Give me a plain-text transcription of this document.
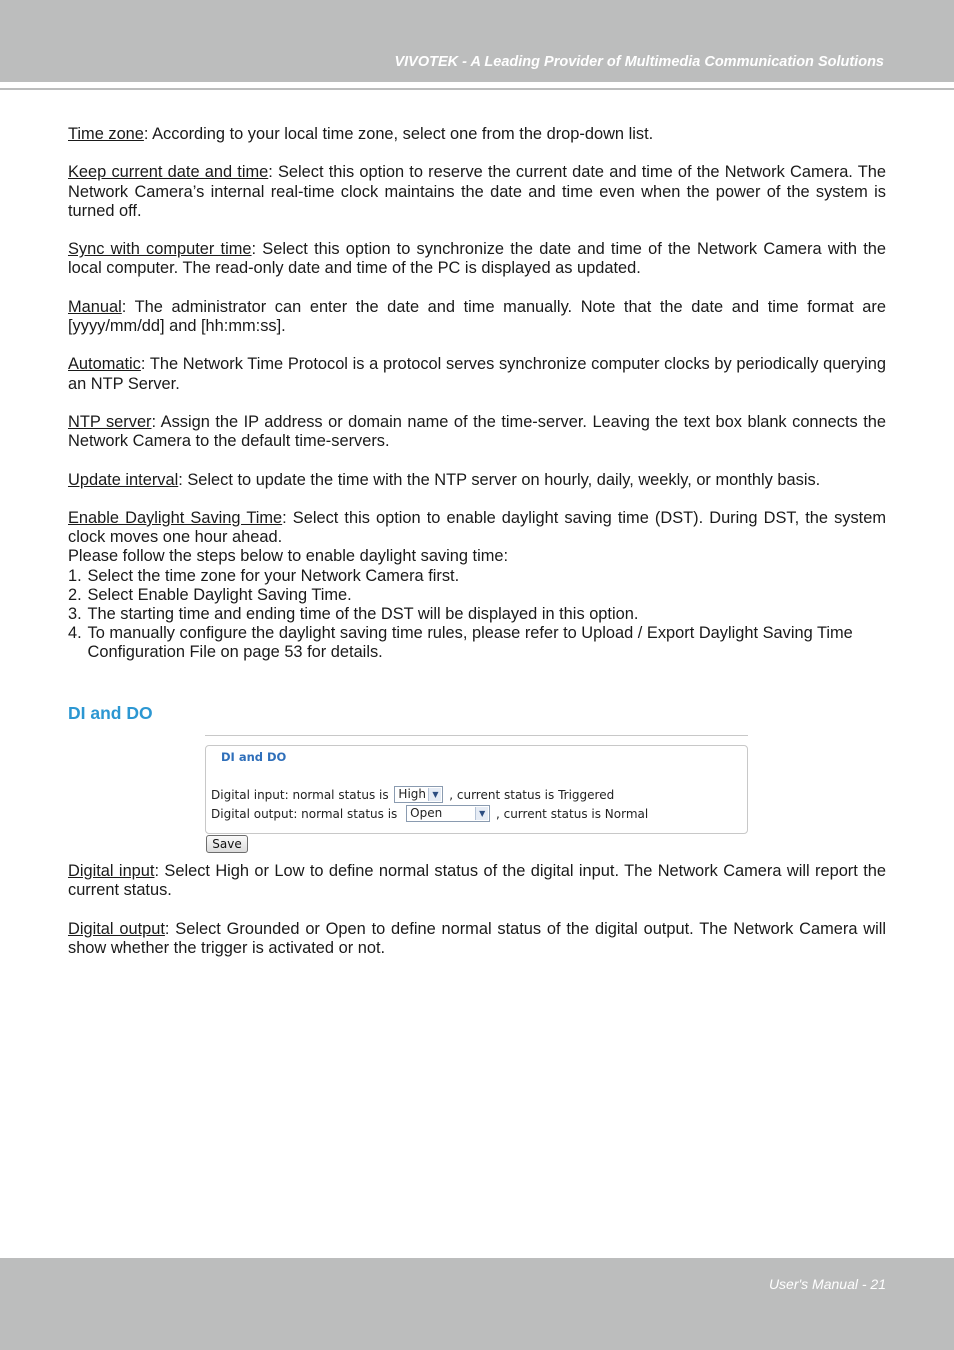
VIVOTEK - A Leading Provider of Multimedia Communication Solutions

Time zone: According to your local time zone, select one from the drop-down list.

Keep current date and time: Select this option to reserve the current date and time of the Network Camera. The Network Camera’s internal real-time clock maintains the date and time even when the power of the system is turned off.

Sync with computer time: Select this option to synchronize the date and time of the Network Camera with the local computer. The read-only date and time of the PC is displayed as updated.

Manual: The administrator can enter the date and time manually. Note that the date and time format are [yyyy/mm/dd] and [hh:mm:ss].

Automatic: The Network Time Protocol is a protocol serves synchronize computer clocks by periodically querying an NTP Server.

NTP server: Assign the IP address or domain name of the time-server. Leaving the text box blank connects the Network Camera to the default time-servers.

Update interval: Select to update the time with the NTP server on hourly, daily, weekly, or monthly basis.

Enable Daylight Saving Time: Select this option to enable daylight saving time (DST). During DST, the system clock moves one hour ahead.

Please follow the steps below to enable daylight saving time:

1. Select the time zone for your Network Camera first.
2. Select Enable Daylight Saving Time.
3. The starting time and ending time of the DST will be displayed in this option.
4. To manually configure the daylight saving time rules, please refer to Upload / Export Daylight Saving Time Configuration File on page 53 for details.
DI and DO
DI and DO
Digital input: normal status is High ▼ , current status is Triggered
Digital output: normal status is Open	▼ , current status is Normal
Save

Digital input: Select High or Low to define normal status of the digital input. The Network Camera will report the current status.

Digital output: Select Grounded or Open to define normal status of the digital output. The Network Camera will show whether the trigger is activated or not.

User's Manual - 21
